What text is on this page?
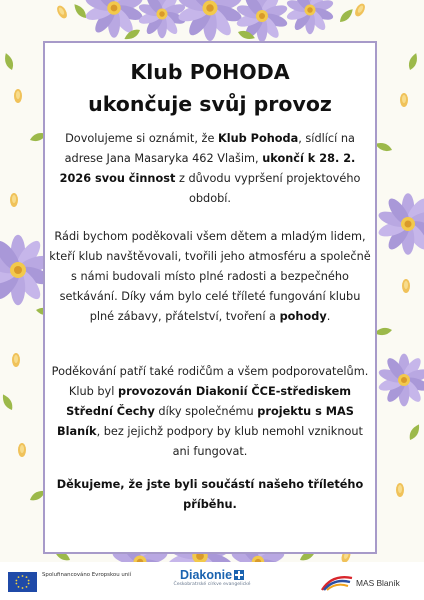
Klub POHODA
ukončuje svůj provoz
Dovolujeme si oznámit, že Klub Pohoda, sídlící na adrese Jana Masaryka 462 Vlašim, ukončí k 28. 2. 2026 svou činnost z důvodu vypršení projektového období.
Rádi bychom poděkovali všem dětem a mladým lidem, kteří klub navštěvovali, tvořili jeho atmosféru a společně s námi budovali místo plné radosti a bezpečného setkávání. Díky vám bylo celé tříleté fungování klubu plné zábavy, přátelství, tvoření a pohody.
Poděkování patří také rodičům a všem podporovatelům. Klub byl provozován Diakonií ČCE-střediskem Střední Čechy díky společnému projektu s MAS Blaník, bez jejichž podpory by klub nemohl vzniknout ani fungovat.
Děkujeme, že jste byli součástí našeho tříletého příběhu.
Spolufinancováno Evropskou unií	Diakonie
Českobratrské církve evangelické	MAS Blaník
